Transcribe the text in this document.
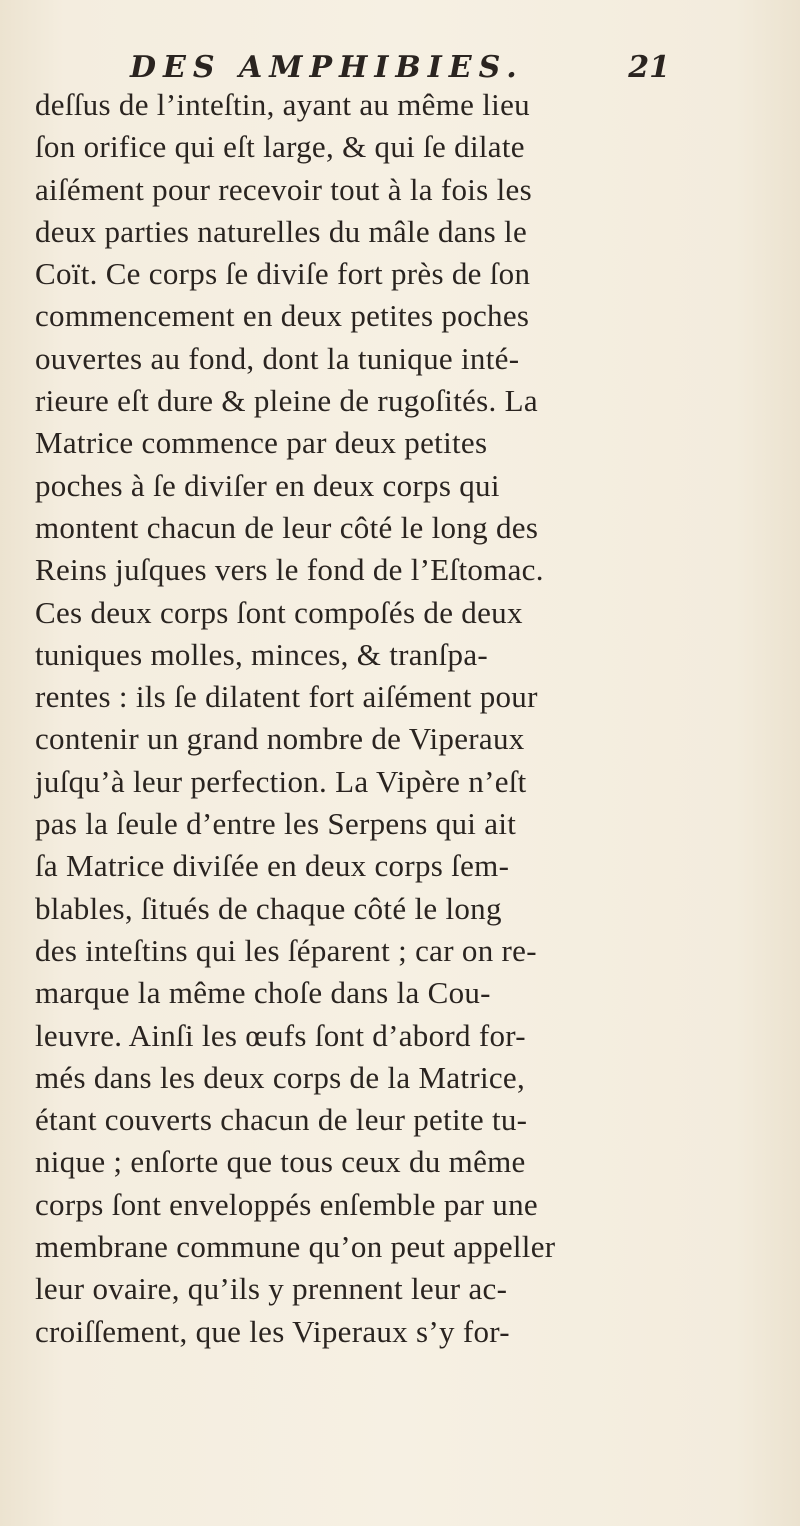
DES AMPHIBIES.	21
deſſus de l’inteſtin, ayant au même lieu
ſon orifice qui eſt large, & qui ſe dilate
aiſément pour recevoir tout à la fois les
deux parties naturelles du mâle dans le
Coït. Ce corps ſe diviſe fort près de ſon
commencement en deux petites poches
ouvertes au fond, dont la tunique inté-
rieure eſt dure & pleine de rugoſités. La
Matrice commence par deux petites
poches à ſe diviſer en deux corps qui
montent chacun de leur côté le long des
Reins juſques vers le fond de l’Eſtomac.
Ces deux corps ſont compoſés de deux
tuniques molles, minces, & tranſpa-
rentes : ils ſe dilatent fort aiſément pour
contenir un grand nombre de Viperaux
juſqu’à leur perfection. La Vipère n’eſt
pas la ſeule d’entre les Serpens qui ait
ſa Matrice diviſée en deux corps ſem-
blables, ſitués de chaque côté le long
des inteſtins qui les ſéparent ; car on re-
marque la même choſe dans la Cou-
leuvre. Ainſi les œufs ſont d’abord for-
més dans les deux corps de la Matrice,
étant couverts chacun de leur petite tu-
nique ; enſorte que tous ceux du même
corps ſont enveloppés enſemble par une
membrane commune qu’on peut appeller
leur ovaire, qu’ils y prennent leur ac-
croiſſement, que les Viperaux s’y for-
